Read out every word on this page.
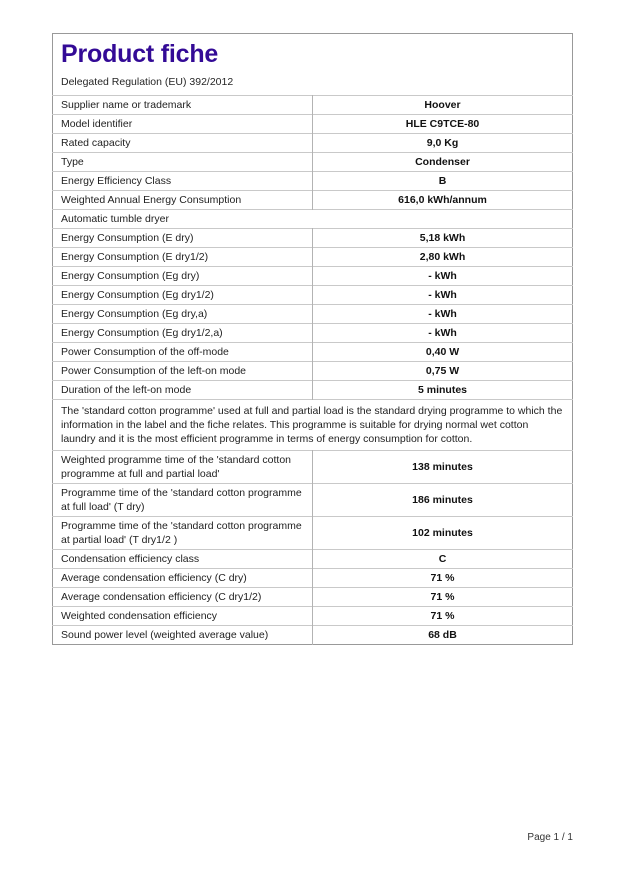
Product fiche
Delegated Regulation (EU) 392/2012	

Supplier name or trademark	Hoover
Model identifier	HLE C9TCE-80
Rated capacity	9,0 Kg
Type	Condenser
Energy Efficiency Class	B
Weighted Annual Energy Consumption	616,0 kWh/annum
Automatic tumble dryer	
Energy Consumption (E dry)	5,18 kWh
Energy Consumption (E dry1/2)	2,80 kWh
Energy Consumption (Eg dry)	- kWh
Energy Consumption (Eg dry1/2)	- kWh
Energy Consumption (Eg dry,a)	- kWh
Energy Consumption (Eg dry1/2,a)	- kWh
Power Consumption of the off-mode	0,40 W
Power Consumption of the left-on mode	0,75 W
Duration of the left-on mode	5 minutes
The 'standard cotton programme' used at full and partial load is the standard drying programme to which the information in the label and the fiche relates. This programme is suitable for drying normal wet cotton laundry and it is the most efficient programme in terms of energy consumption for cotton.	
Weighted programme time of the 'standard cotton programme at full and partial load'	138 minutes
Programme time of the 'standard cotton programme at full load' (T dry)	186 minutes
Programme time of the 'standard cotton programme at partial load' (T dry1/2 )	102 minutes
Condensation efficiency class	C
Average condensation efficiency (C dry)	71 %
Average condensation efficiency (C dry1/2)	71 %
Weighted condensation efficiency	71 %
Sound power level (weighted average value)	68 dB
Page 1 / 1
